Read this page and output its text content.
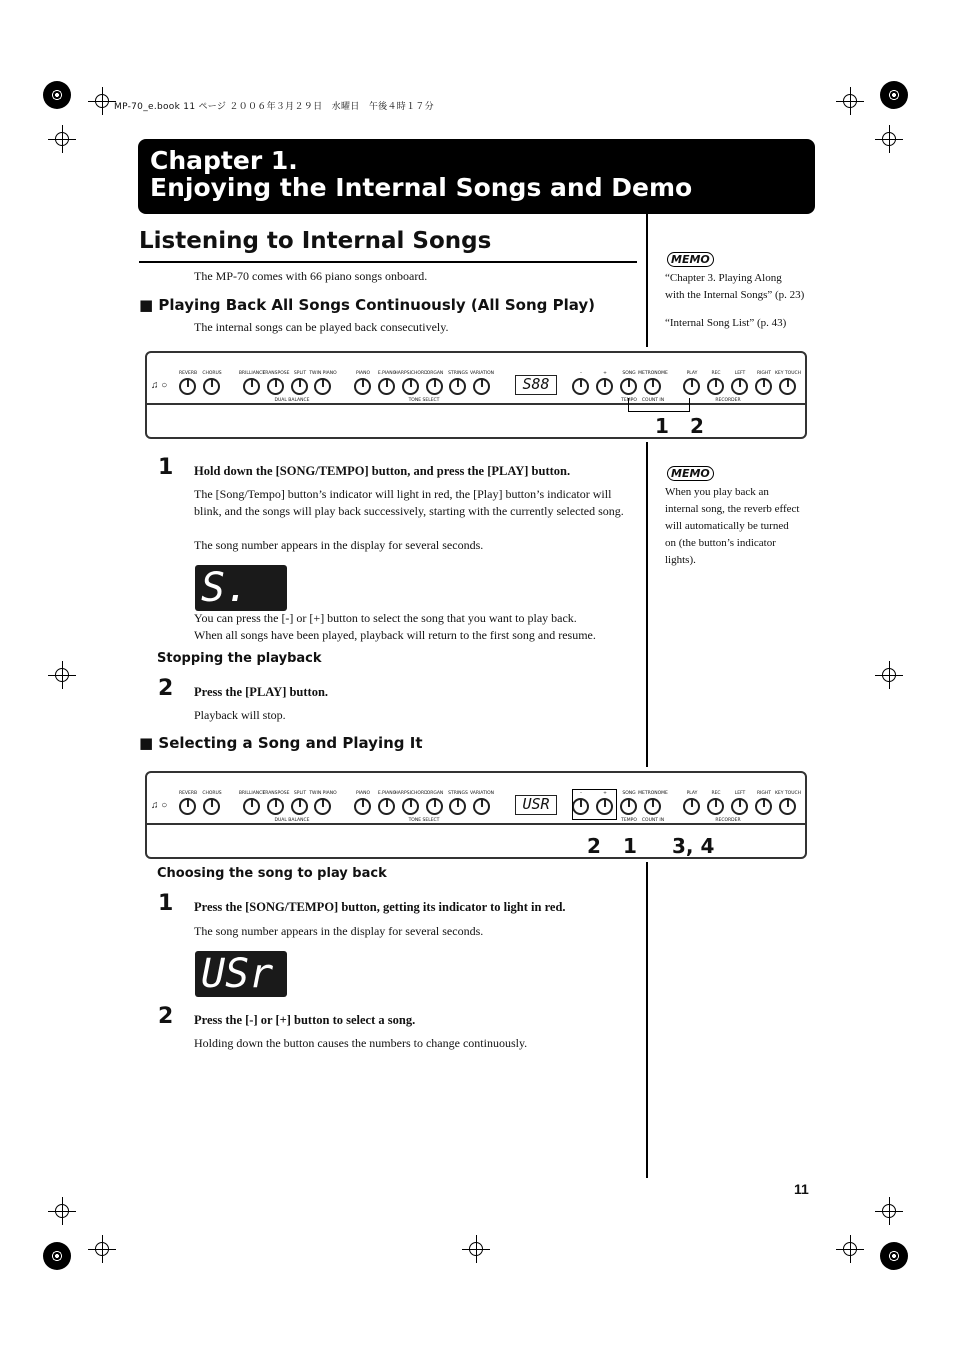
MP-70_e.book 11 ページ ２００６年３月２９日　水曜日　午後４時１７分
Chapter 1.
Enjoying the Internal Songs and Demo
Listening to Internal Songs
The MP-70 comes with 66 piano songs onboard.
■ Playing Back All Songs Continuously (All Song Play)
The internal songs can be played back consecutively.
MEMO
“Chapter 3. Playing Along
with the Internal Songs” (p. 23)
“Internal Song List” (p. 43)
♫ ○
REVERB	CHORUS	BRILLIANCE
TRANSPOSE SPLIT TWIN PIANO	PIANO	E.PIANO
HARPSICHORD ORGAN	STRINGS VARIATION	–	+	SONG METRONOME	PLAY	REC	LEFT	RIGHT KEY TOUCH
S88
DUAL BALANCE	TONE SELECT	TEMPO	COUNT IN	RECORDER
1 2
1 Hold down the [SONG/TEMPO] button, and press the [PLAY] button.
The [Song/Tempo] button’s indicator will light in red, the [Play] button’s indicator will blink, and the songs will play back successively, starting with the currently selected song.
The song number appears in the display for several seconds.
S.   1
You can press the [-] or [+] button to select the song that you want to play back.
When all songs have been played, playback will return to the first song and resume.
MEMO
When you play back an
internal song, the reverb effect
will automatically be turned
on (the button’s indicator
lights).
Stopping the playback
2 Press the [PLAY] button.
Playback will stop.
■ Selecting a Song and Playing It
♫ ○
REVERB	CHORUS	BRILLIANCE
TRANSPOSE SPLIT TWIN PIANO	PIANO	E.PIANO
HARPSICHORD ORGAN	STRINGS VARIATION	–	+	SONG METRONOME	PLAY	REC	LEFT	RIGHT KEY TOUCH
USR
DUAL BALANCE	TONE SELECT	TEMPO	COUNT IN	RECORDER
2 1 3, 4
Choosing the song to play back
1 Press the [SONG/TEMPO] button, getting its indicator to light in red.
The song number appears in the display for several seconds.
USr
2 Press the [-] or [+] button to select a song.
Holding down the button causes the numbers to change continuously.
11
